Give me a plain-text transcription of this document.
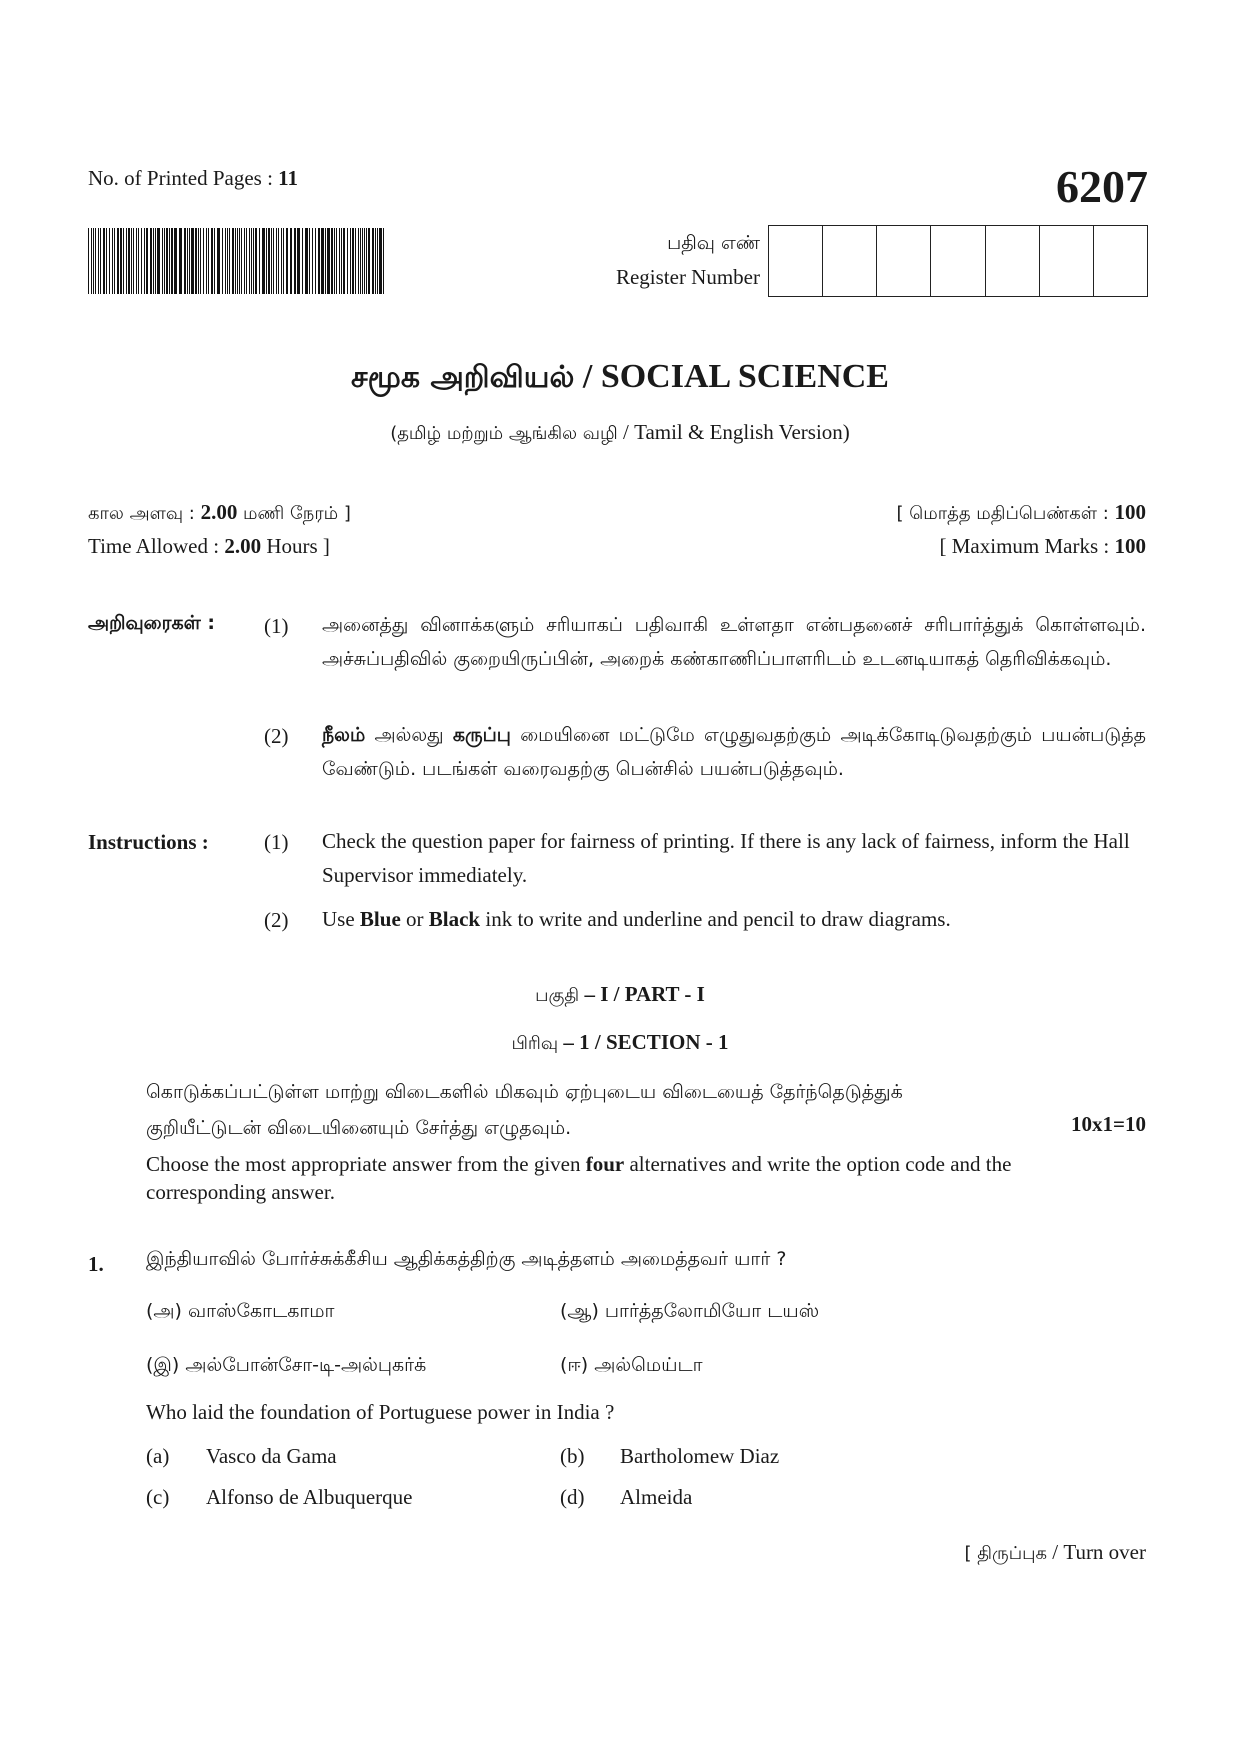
No. of Printed Pages : 11	6207
பதிவு எண்
Register Number
சமூக அறிவியல் / SOCIAL SCIENCE
(தமிழ் மற்றும் ஆங்கில வழி / Tamil & English Version)
கால அளவு : 2.00 மணி நேரம் ]	[ மொத்த மதிப்பெண்கள் : 100
Time Allowed : 2.00 Hours ]	[ Maximum Marks : 100
அறிவுரைகள் : (1) அனைத்து வினாக்களும் சரியாகப் பதிவாகி உள்ளதா என்பதனைச் சரிபார்த்துக் கொள்ளவும். அச்சுப்பதிவில் குறையிருப்பின், அறைக் கண்காணிப்பாளரிடம் உடனடியாகத் தெரிவிக்கவும்.
(2) நீலம் அல்லது கருப்பு மையினை மட்டுமே எழுதுவதற்கும் அடிக்கோடிடுவதற்கும் பயன்படுத்த வேண்டும். படங்கள் வரைவதற்கு பென்சில் பயன்படுத்தவும்.
Instructions :	(1) Check the question paper for fairness of printing. If there is any lack of fairness, inform the Hall Supervisor immediately.
(2) Use Blue or Black ink to write and underline and pencil to draw diagrams.
பகுதி – I / PART - I
பிரிவு – 1 / SECTION - 1
கொடுக்கப்பட்டுள்ள மாற்று விடைகளில் மிகவும் ஏற்புடைய விடையைத் தேர்ந்தெடுத்துக்
குறியீட்டுடன் விடையினையும் சேர்த்து எழுதவும்.	10x1=10
Choose the most appropriate answer from the given four alternatives and write the option code and the corresponding answer.
1. இந்தியாவில் போர்ச்சுக்கீசிய ஆதிக்கத்திற்கு அடித்தளம் அமைத்தவர் யார் ?
(அ) வாஸ்கோடகாமா	(ஆ) பார்த்தலோமியோ டயஸ்
(இ) அல்போன்சோ-டி-அல்புகர்க்	(ஈ) அல்மெய்டா
Who laid the foundation of Portuguese power in India ?
(a) Vasco da Gama	(b) Bartholomew Diaz
(c) Alfonso de Albuquerque	(d) Almeida
[ திருப்புக / Turn over
